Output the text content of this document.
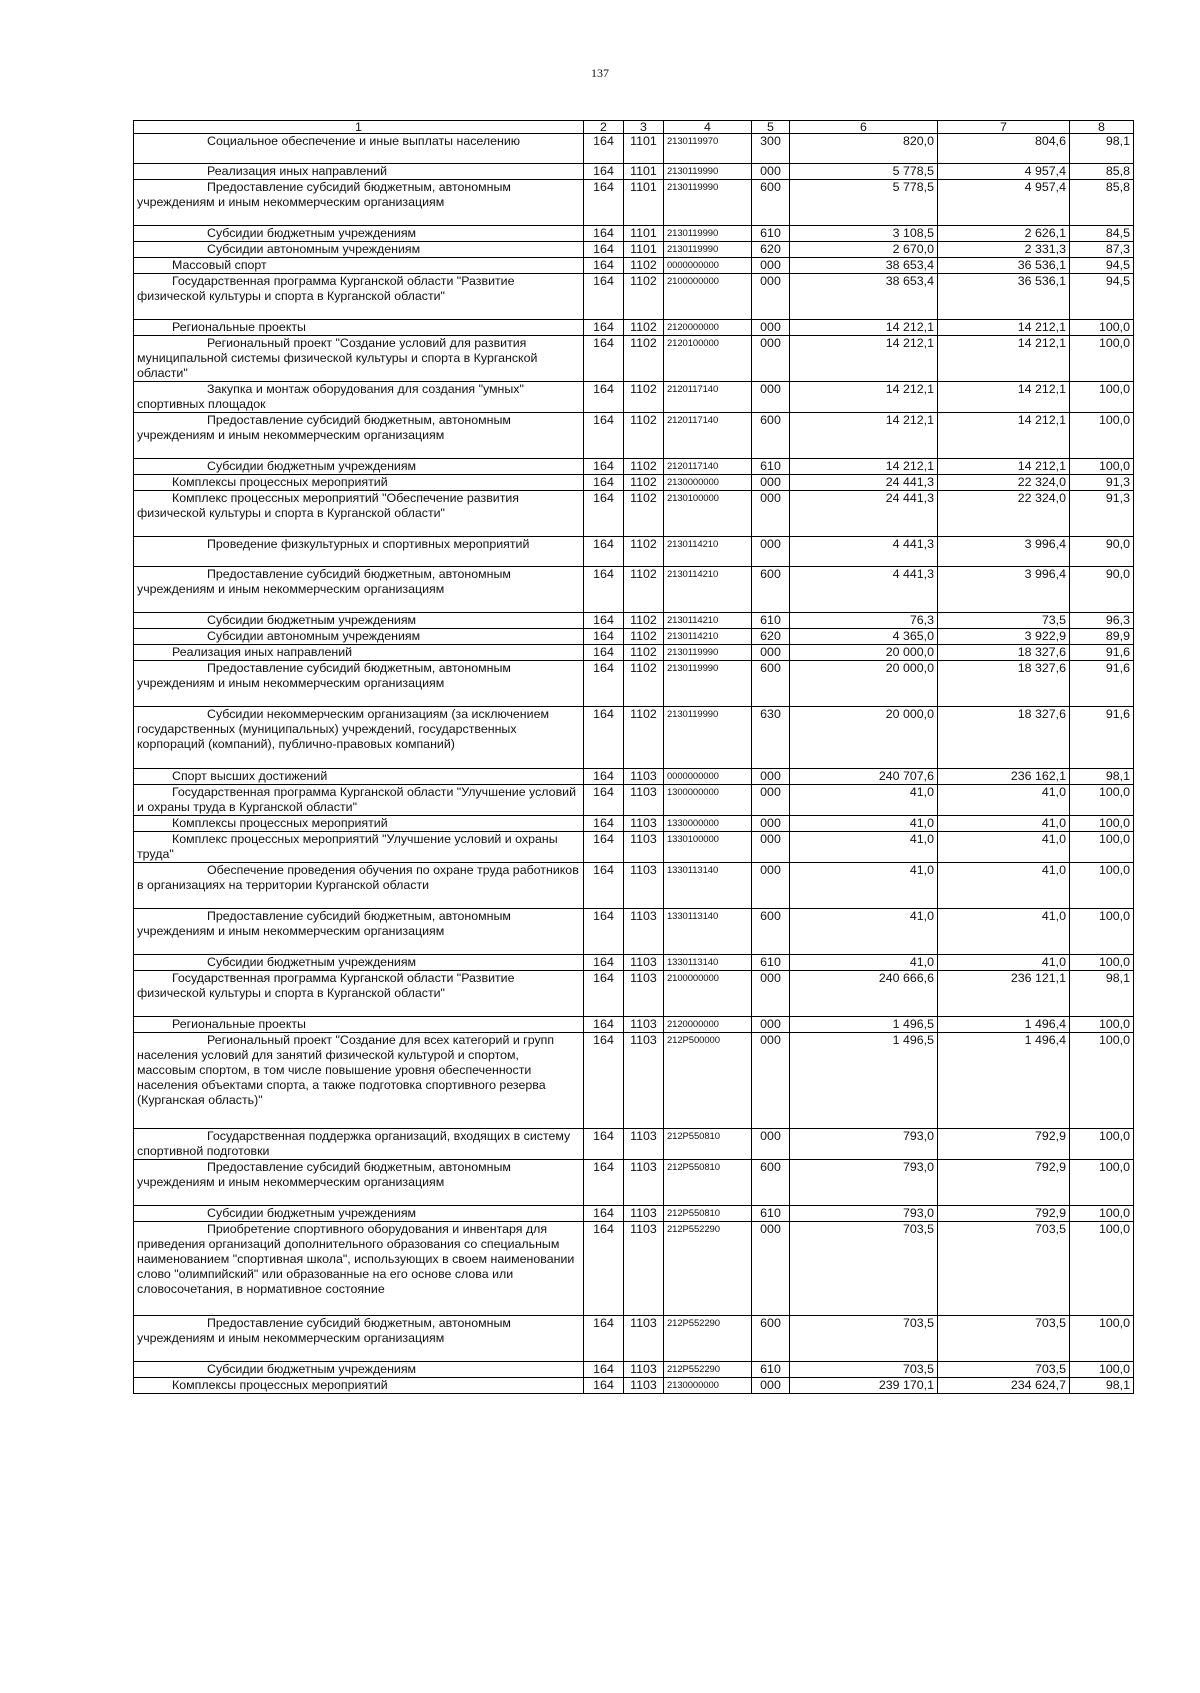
137
1	2	3	4	5	6	7	8

Социальное обеспечение и иные выплаты населению	164	1101	2130119970	300	820,0	804,6	98,1

Реализация иных направлений	164	1101	2130119990	000	5 778,5	4 957,4	85,8

Предоставление субсидий бюджетным, автономным учреждениям и иным некоммерческим организациям	164	1101	2130119990	600	5 778,5	4 957,4	85,8

Субсидии бюджетным учреждениям	164	1101	2130119990	610	3 108,5	2 626,1	84,5

Субсидии автономным учреждениям	164	1101	2130119990	620	2 670,0	2 331,3	87,3

Массовый спорт	164	1102	0000000000	000	38 653,4	36 536,1	94,5

Государственная программа Курганской области "Развитие физической культуры и спорта в Курганской области"	164	1102	2100000000	000	38 653,4	36 536,1	94,5

Региональные проекты	164	1102	2120000000	000	14 212,1	14 212,1	100,0

Региональный проект "Создание условий для развития муниципальной системы физической культуры и спорта в Курганской области"	164	1102	2120100000	000	14 212,1	14 212,1	100,0

Закупка и монтаж оборудования для создания "умных" спортивных площадок	164	1102	2120117140	000	14 212,1	14 212,1	100,0

Предоставление субсидий бюджетным, автономным учреждениям и иным некоммерческим организациям	164	1102	2120117140	600	14 212,1	14 212,1	100,0

Субсидии бюджетным учреждениям	164	1102	2120117140	610	14 212,1	14 212,1	100,0

Комплексы процессных мероприятий	164	1102	2130000000	000	24 441,3	22 324,0	91,3

Комплекс процессных мероприятий "Обеспечение развития физической культуры и спорта в Курганской области"	164	1102	2130100000	000	24 441,3	22 324,0	91,3

Проведение физкультурных и спортивных мероприятий	164	1102	2130114210	000	4 441,3	3 996,4	90,0

Предоставление субсидий бюджетным, автономным учреждениям и иным некоммерческим организациям	164	1102	2130114210	600	4 441,3	3 996,4	90,0

Субсидии бюджетным учреждениям	164	1102	2130114210	610	76,3	73,5	96,3

Субсидии автономным учреждениям	164	1102	2130114210	620	4 365,0	3 922,9	89,9

Реализация иных направлений	164	1102	2130119990	000	20 000,0	18 327,6	91,6

Предоставление субсидий бюджетным, автономным учреждениям и иным некоммерческим организациям	164	1102	2130119990	600	20 000,0	18 327,6	91,6

Субсидии некоммерческим организациям (за исключением государственных (муниципальных) учреждений, государственных корпораций (компаний), публично-правовых компаний)	164	1102	2130119990	630	20 000,0	18 327,6	91,6

Спорт высших достижений	164	1103	0000000000	000	240 707,6	236 162,1	98,1

Государственная программа Курганской области "Улучшение условий и охраны труда в Курганской области"	164	1103	1300000000	000	41,0	41,0	100,0

Комплексы процессных мероприятий	164	1103	1330000000	000	41,0	41,0	100,0

Комплекс процессных мероприятий "Улучшение условий и охраны труда"	164	1103	1330100000	000	41,0	41,0	100,0

Обеспечение проведения обучения по охране труда работников в организациях на территории Курганской области	164	1103	1330113140	000	41,0	41,0	100,0

Предоставление субсидий бюджетным, автономным учреждениям и иным некоммерческим организациям	164	1103	1330113140	600	41,0	41,0	100,0

Субсидии бюджетным учреждениям	164	1103	1330113140	610	41,0	41,0	100,0

Государственная программа Курганской области "Развитие физической культуры и спорта в Курганской области"	164	1103	2100000000	000	240 666,6	236 121,1	98,1

Региональные проекты	164	1103	2120000000	000	1 496,5	1 496,4	100,0

Региональный проект "Создание для всех категорий и групп населения условий для занятий физической культурой и спортом, массовым спортом, в том числе повышение уровня обеспеченности населения объектами спорта, а также подготовка спортивного резерва (Курганская область)"	164	1103	212P500000	000	1 496,5	1 496,4	100,0

Государственная поддержка организаций, входящих в систему спортивной подготовки	164	1103	212P550810	000	793,0	792,9	100,0

Предоставление субсидий бюджетным, автономным учреждениям и иным некоммерческим организациям	164	1103	212P550810	600	793,0	792,9	100,0

Субсидии бюджетным учреждениям	164	1103	212P550810	610	793,0	792,9	100,0

Приобретение спортивного оборудования и инвентаря для приведения организаций дополнительного образования со специальным наименованием "спортивная школа", использующих в своем наименовании слово "олимпийский" или образованные на его основе слова или словосочетания, в нормативное состояние	164	1103	212P552290	000	703,5	703,5	100,0

Предоставление субсидий бюджетным, автономным учреждениям и иным некоммерческим организациям	164	1103	212P552290	600	703,5	703,5	100,0

Субсидии бюджетным учреждениям	164	1103	212P552290	610	703,5	703,5	100,0

Комплексы процессных мероприятий	164	1103	2130000000	000	239 170,1	234 624,7	98,1
